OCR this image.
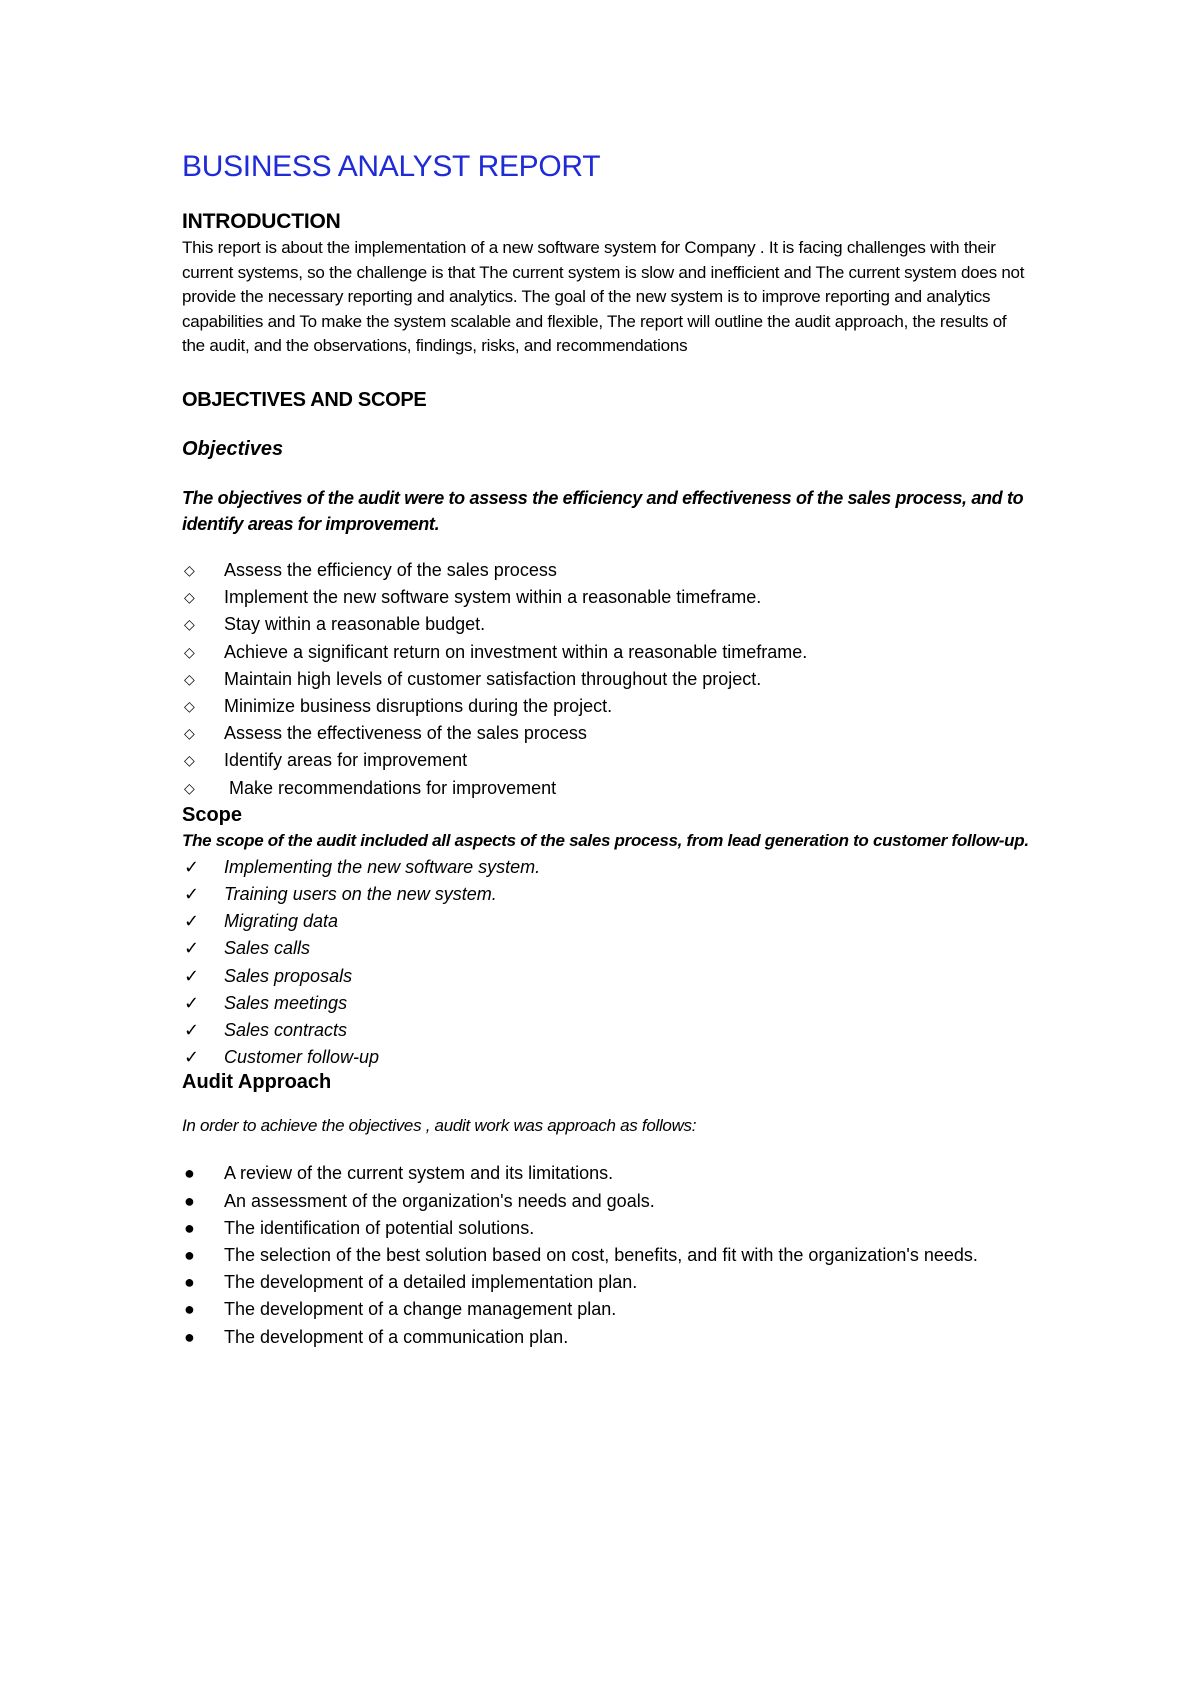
BUSINESS ANALYST REPORT
INTRODUCTION
This report is about the implementation of a new software system for Company . It is facing challenges with their current systems, so the challenge is that The current system is slow and inefficient and The current system does not provide the necessary reporting and analytics. The goal of the new system is to improve reporting and analytics capabilities and To make the system scalable and flexible, The report will outline the audit approach, the results of the audit, and the observations, findings, risks, and recommendations
OBJECTIVES AND SCOPE
Objectives
The objectives of the audit were to assess the efficiency and effectiveness of the sales process, and to identify areas for improvement.
◇	Assess the efficiency of the sales process
◇	Implement the new software system within a reasonable timeframe.
◇	Stay within a reasonable budget.
◇	Achieve a significant return on investment within a reasonable timeframe.
◇	Maintain high levels of customer satisfaction throughout the project.
◇	Minimize business disruptions during the project.
◇	Assess the effectiveness of the sales process
◇	Identify areas for improvement
◇	Make recommendations for improvement
Scope
The scope of the audit included all aspects of the sales process, from lead generation to customer follow-up.
✓	Implementing the new software system.
✓	Training users on the new system.
✓	Migrating data
✓	Sales calls
✓	Sales proposals
✓	Sales meetings
✓	Sales contracts
✓	Customer follow-up
Audit Approach
In order to achieve the objectives , audit work was approach as follows:
●	A review of the current system and its limitations.
●	An assessment of the organization's needs and goals.
●	The identification of potential solutions.
●	The selection of the best solution based on cost, benefits, and fit with the organization's needs.
●	The development of a detailed implementation plan.
●	The development of a change management plan.
●	The development of a communication plan.
